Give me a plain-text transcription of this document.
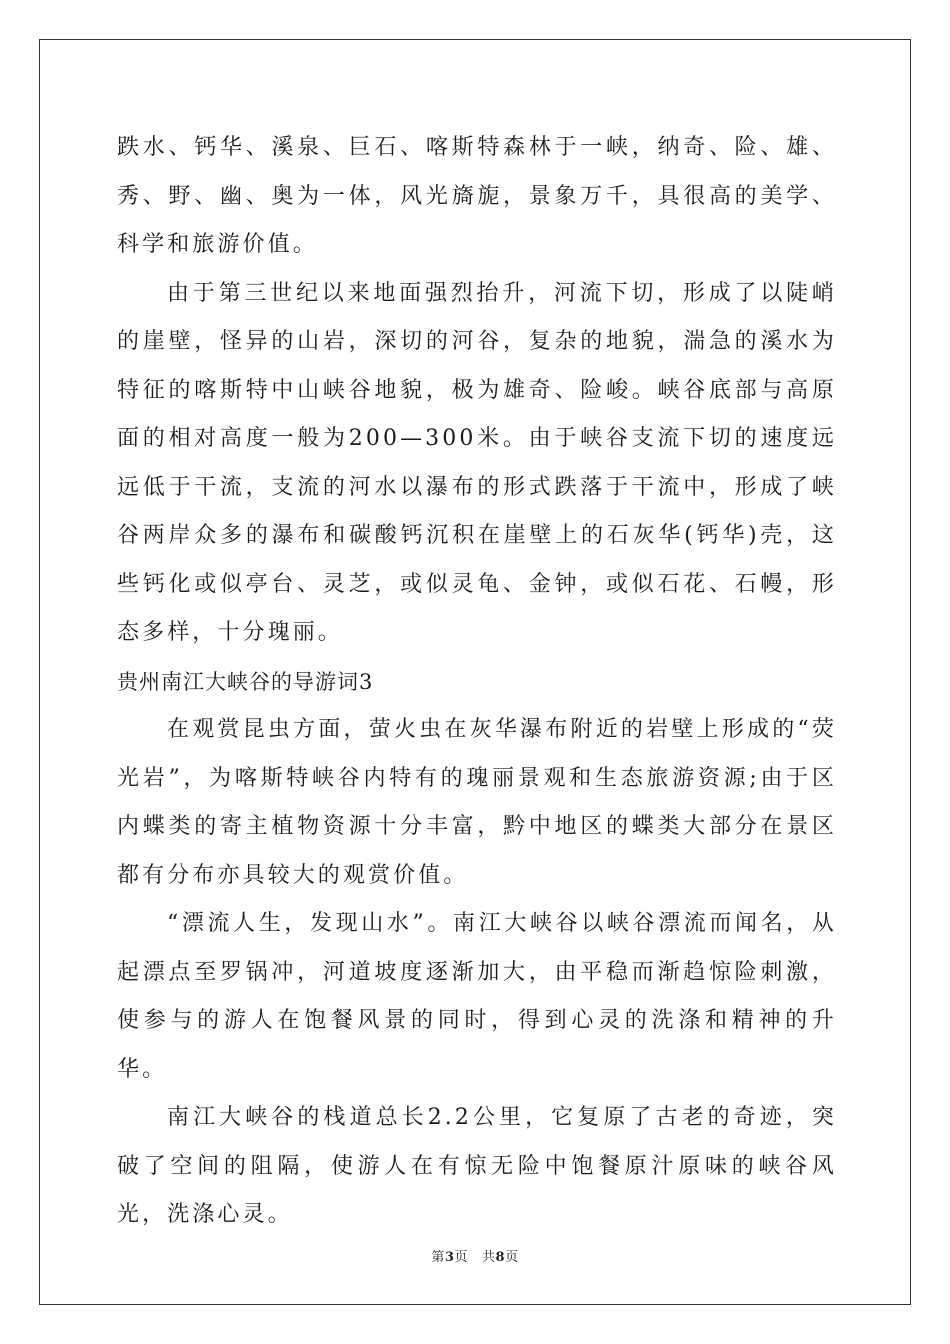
跌水、钙华、溪泉、巨石、喀斯特森林于一峡，纳奇、险、雄、秀、野、幽、奥为一体，风光旖旎，景象万千，具很高的美学、科学和旅游价值。

由于第三世纪以来地面强烈抬升，河流下切，形成了以陡峭的崖壁，怪异的山岩，深切的河谷，复杂的地貌，湍急的溪水为特征的喀斯特中山峡谷地貌，极为雄奇、险峻。峡谷底部与高原面的相对高度一般为200—300米。由于峡谷支流下切的速度远远低于干流，支流的河水以瀑布的形式跌落于干流中，形成了峡谷两岸众多的瀑布和碳酸钙沉积在崖壁上的石灰华(钙华)壳，这些钙化或似亭台、灵芝，或似灵龟、金钟，或似石花、石幔，形态多样，十分瑰丽。

贵州南江大峡谷的导游词3

在观赏昆虫方面，萤火虫在灰华瀑布附近的岩壁上形成的“荧光岩”，为喀斯特峡谷内特有的瑰丽景观和生态旅游资源;由于区内蝶类的寄主植物资源十分丰富，黔中地区的蝶类大部分在景区都有分布亦具较大的观赏价值。

“漂流人生，发现山水”。南江大峡谷以峡谷漂流而闻名，从起漂点至罗锅冲，河道坡度逐渐加大，由平稳而渐趋惊险刺激，使参与的游人在饱餐风景的同时，得到心灵的洗涤和精神的升华。

南江大峡谷的栈道总长2.2公里，它复原了古老的奇迹，突破了空间的阻隔，使游人在有惊无险中饱餐原汁原味的峡谷风光，洗涤心灵。

第3页 共8页
